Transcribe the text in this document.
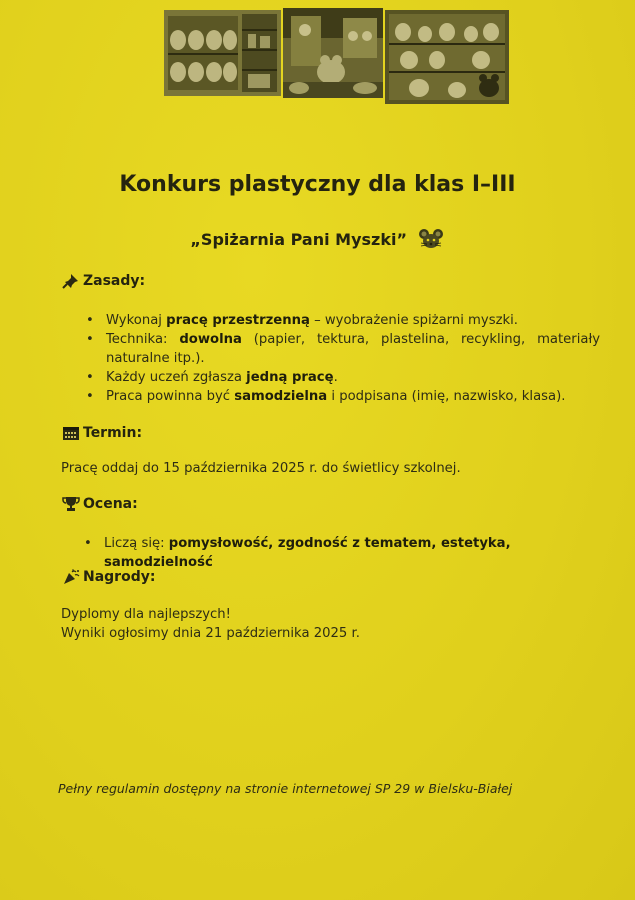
Konkurs plastyczny dla klas I–III
„Spiżarnia Pani Myszki”
Zasady:
• Wykonaj pracę przestrzenną – wyobrażenie spiżarni myszki.
• Technika: dowolna (papier, tektura, plastelina, recykling, materiały naturalne itp.).
• Każdy uczeń zgłasza jedną pracę.
• Praca powinna być samodzielna i podpisana (imię, nazwisko, klasa).
Termin:
Pracę oddaj do 15 października 2025 r. do świetlicy szkolnej.
Ocena:
• Liczą się: pomysłowość, zgodność z tematem, estetyka, samodzielność
Nagrody:
Dyplomy dla najlepszych!
Wyniki ogłosimy dnia 21 października 2025 r.
Pełny regulamin dostępny na stronie internetowej SP 29 w Bielsku-Białej
